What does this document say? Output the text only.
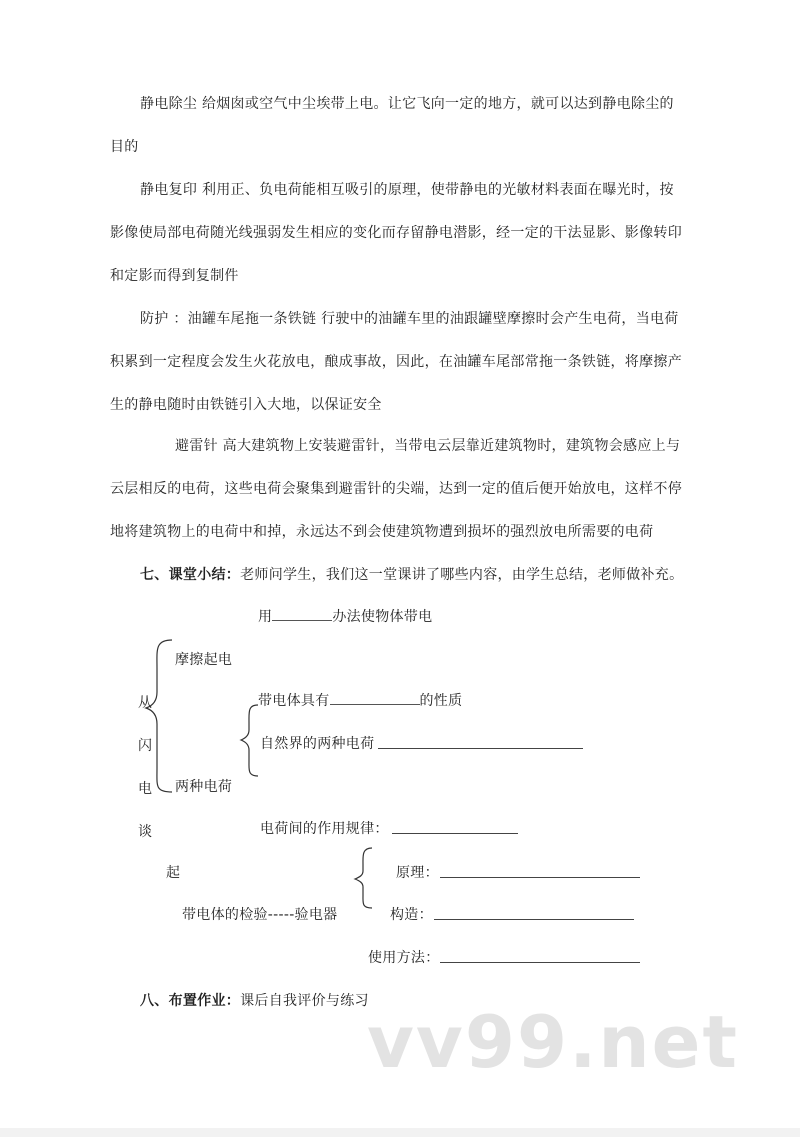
静电除尘 给烟囱或空气中尘埃带上电。让它飞向一定的地方，就可以达到静电除尘的
目的
静电复印 利用正、负电荷能相互吸引的原理，使带静电的光敏材料表面在曝光时，按
影像使局部电荷随光线强弱发生相应的变化而存留静电潜影，经一定的干法显影、影像转印
和定影而得到复制件
防护 ：油罐车尾拖一条铁链 行驶中的油罐车里的油跟罐壁摩擦时会产生电荷，当电荷
积累到一定程度会发生火花放电，酿成事故，因此，在油罐车尾部常拖一条铁链，将摩擦产
生的静电随时由铁链引入大地，以保证安全
避雷针 高大建筑物上安装避雷针，当带电云层靠近建筑物时，建筑物会感应上与
云层相反的电荷，这些电荷会聚集到避雷针的尖端，达到一定的值后便开始放电，这样不停
地将建筑物上的电荷中和掉，永远达不到会使建筑物遭到损坏的强烈放电所需要的电荷
七、课堂小结：老师问学生，我们这一堂课讲了哪些内容，由学生总结，老师做补充。
用	办法使物体带电
摩擦起电
从
闪
电
谈
起
带电体具有	的性质
自然界的两种电荷
两种电荷
电荷间的作用规律：
原理：
带电体的检验-----验电器	构造：
使用方法：
八、布置作业：课后自我评价与练习
vv99.net
